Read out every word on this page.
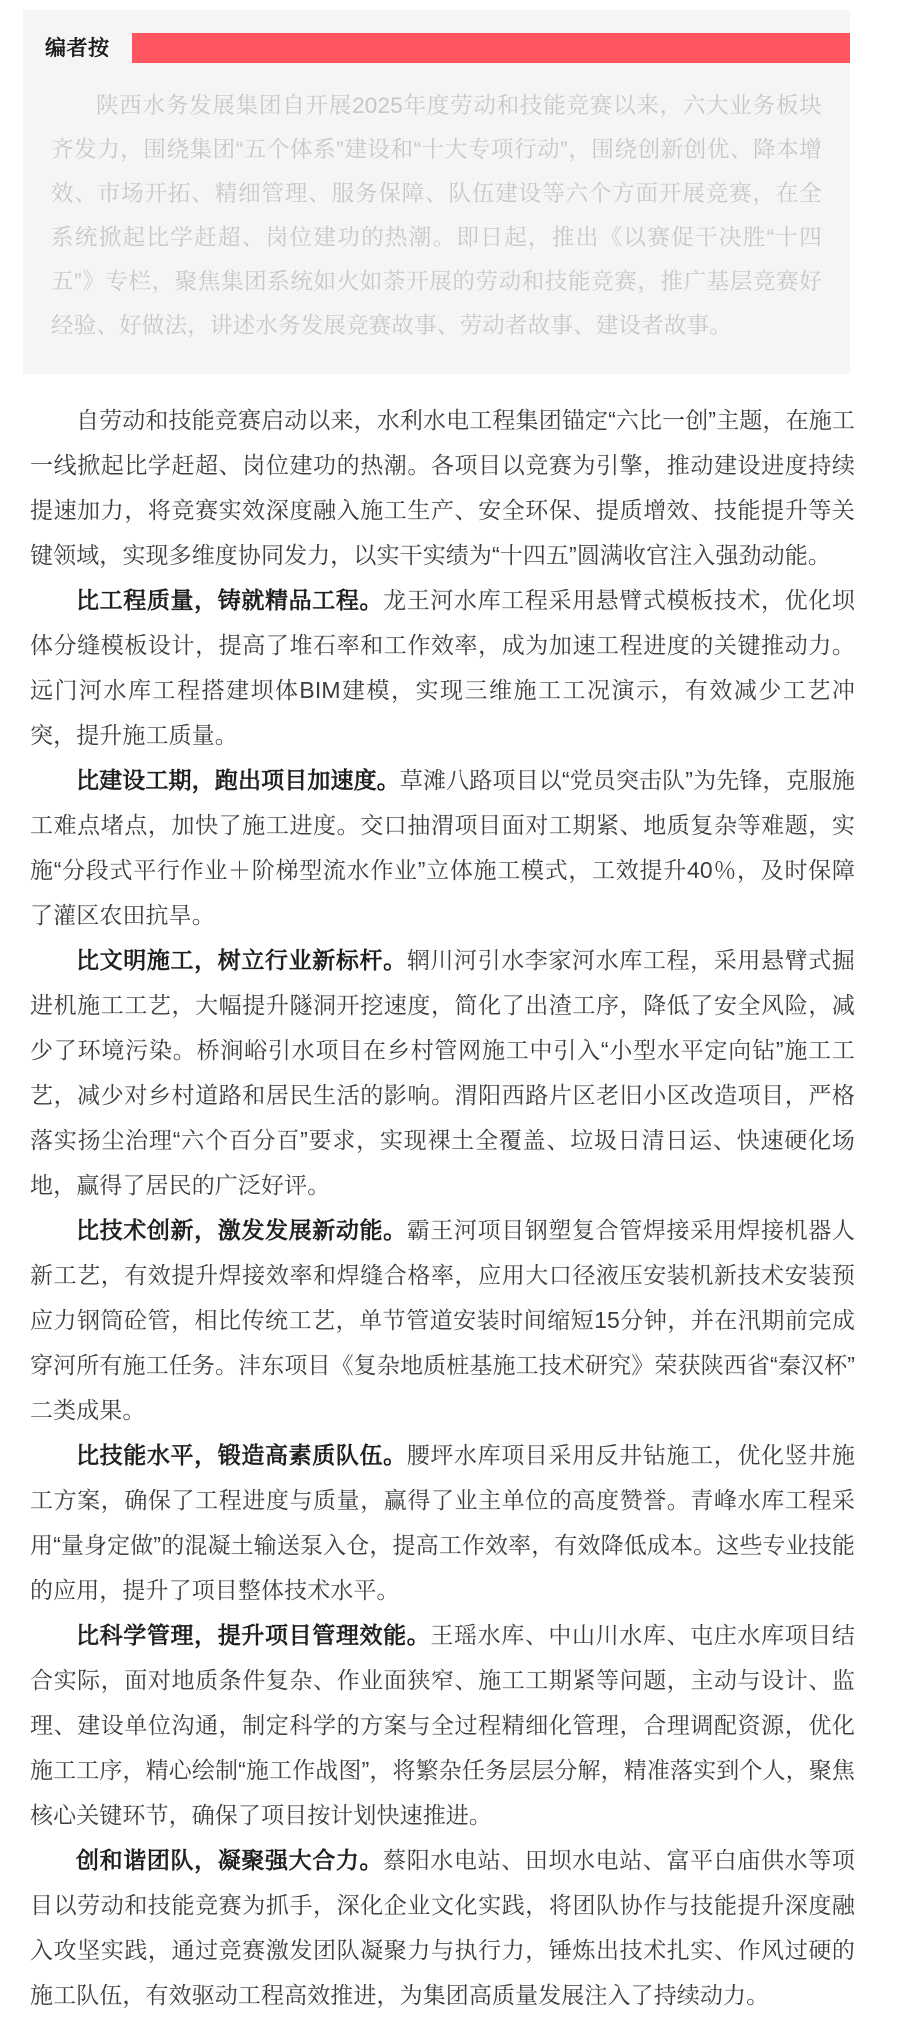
编者按

陕西水务发展集团自开展2025年度劳动和技能竞赛以来，六大业务板块齐发力，围绕集团“五个体系”建设和“十大专项行动”，围绕创新创优、降本增效、市场开拓、精细管理、服务保障、队伍建设等六个方面开展竞赛，在全系统掀起比学赶超、岗位建功的热潮。即日起，推出《以赛促干决胜“十四五”》专栏，聚焦集团系统如火如荼开展的劳动和技能竞赛，推广基层竞赛好经验、好做法，讲述水务发展竞赛故事、劳动者故事、建设者故事。

自劳动和技能竞赛启动以来，水利水电工程集团锚定“六比一创”主题，在施工一线掀起比学赶超、岗位建功的热潮。各项目以竞赛为引擎，推动建设进度持续提速加力，将竞赛实效深度融入施工生产、安全环保、提质增效、技能提升等关键领域，实现多维度协同发力，以实干实绩为“十四五”圆满收官注入强劲动能。

比工程质量，铸就精品工程。龙王河水库工程采用悬臂式模板技术，优化坝体分缝模板设计，提高了堆石率和工作效率，成为加速工程进度的关键推动力。远门河水库工程搭建坝体BIM建模，实现三维施工工况演示，有效减少工艺冲突，提升施工质量。

比建设工期，跑出项目加速度。草滩八路项目以“党员突击队”为先锋，克服施工难点堵点，加快了施工进度。交口抽渭项目面对工期紧、地质复杂等难题，实施“分段式平行作业＋阶梯型流水作业”立体施工模式，工效提升40％，及时保障了灌区农田抗旱。

比文明施工，树立行业新标杆。辋川河引水李家河水库工程，采用悬臂式掘进机施工工艺，大幅提升隧洞开挖速度，简化了出渣工序，降低了安全风险，减少了环境污染。桥涧峪引水项目在乡村管网施工中引入“小型水平定向钻”施工工艺，减少对乡村道路和居民生活的影响。渭阳西路片区老旧小区改造项目，严格落实扬尘治理“六个百分百”要求，实现裸土全覆盖、垃圾日清日运、快速硬化场地，赢得了居民的广泛好评。

比技术创新，激发发展新动能。霸王河项目钢塑复合管焊接采用焊接机器人新工艺，有效提升焊接效率和焊缝合格率，应用大口径液压安装机新技术安装预应力钢筒砼管，相比传统工艺，单节管道安装时间缩短15分钟，并在汛期前完成穿河所有施工任务。沣东项目《复杂地质桩基施工技术研究》荣获陕西省“秦汉杯”二类成果。

比技能水平，锻造高素质队伍。腰坪水库项目采用反井钻施工，优化竖井施工方案，确保了工程进度与质量，赢得了业主单位的高度赞誉。青峰水库工程采用“量身定做”的混凝土输送泵入仓，提高工作效率，有效降低成本。这些专业技能的应用，提升了项目整体技术水平。

比科学管理，提升项目管理效能。王瑶水库、中山川水库、屯庄水库项目结合实际，面对地质条件复杂、作业面狭窄、施工工期紧等问题，主动与设计、监理、建设单位沟通，制定科学的方案与全过程精细化管理，合理调配资源，优化施工工序，精心绘制“施工作战图”，将繁杂任务层层分解，精准落实到个人，聚焦核心关键环节，确保了项目按计划快速推进。

创和谐团队，凝聚强大合力。蔡阳水电站、田坝水电站、富平白庙供水等项目以劳动和技能竞赛为抓手，深化企业文化实践，将团队协作与技能提升深度融入攻坚实践，通过竞赛激发团队凝聚力与执行力，锤炼出技术扎实、作风过硬的施工队伍，有效驱动工程高效推进，为集团高质量发展注入了持续动力。
